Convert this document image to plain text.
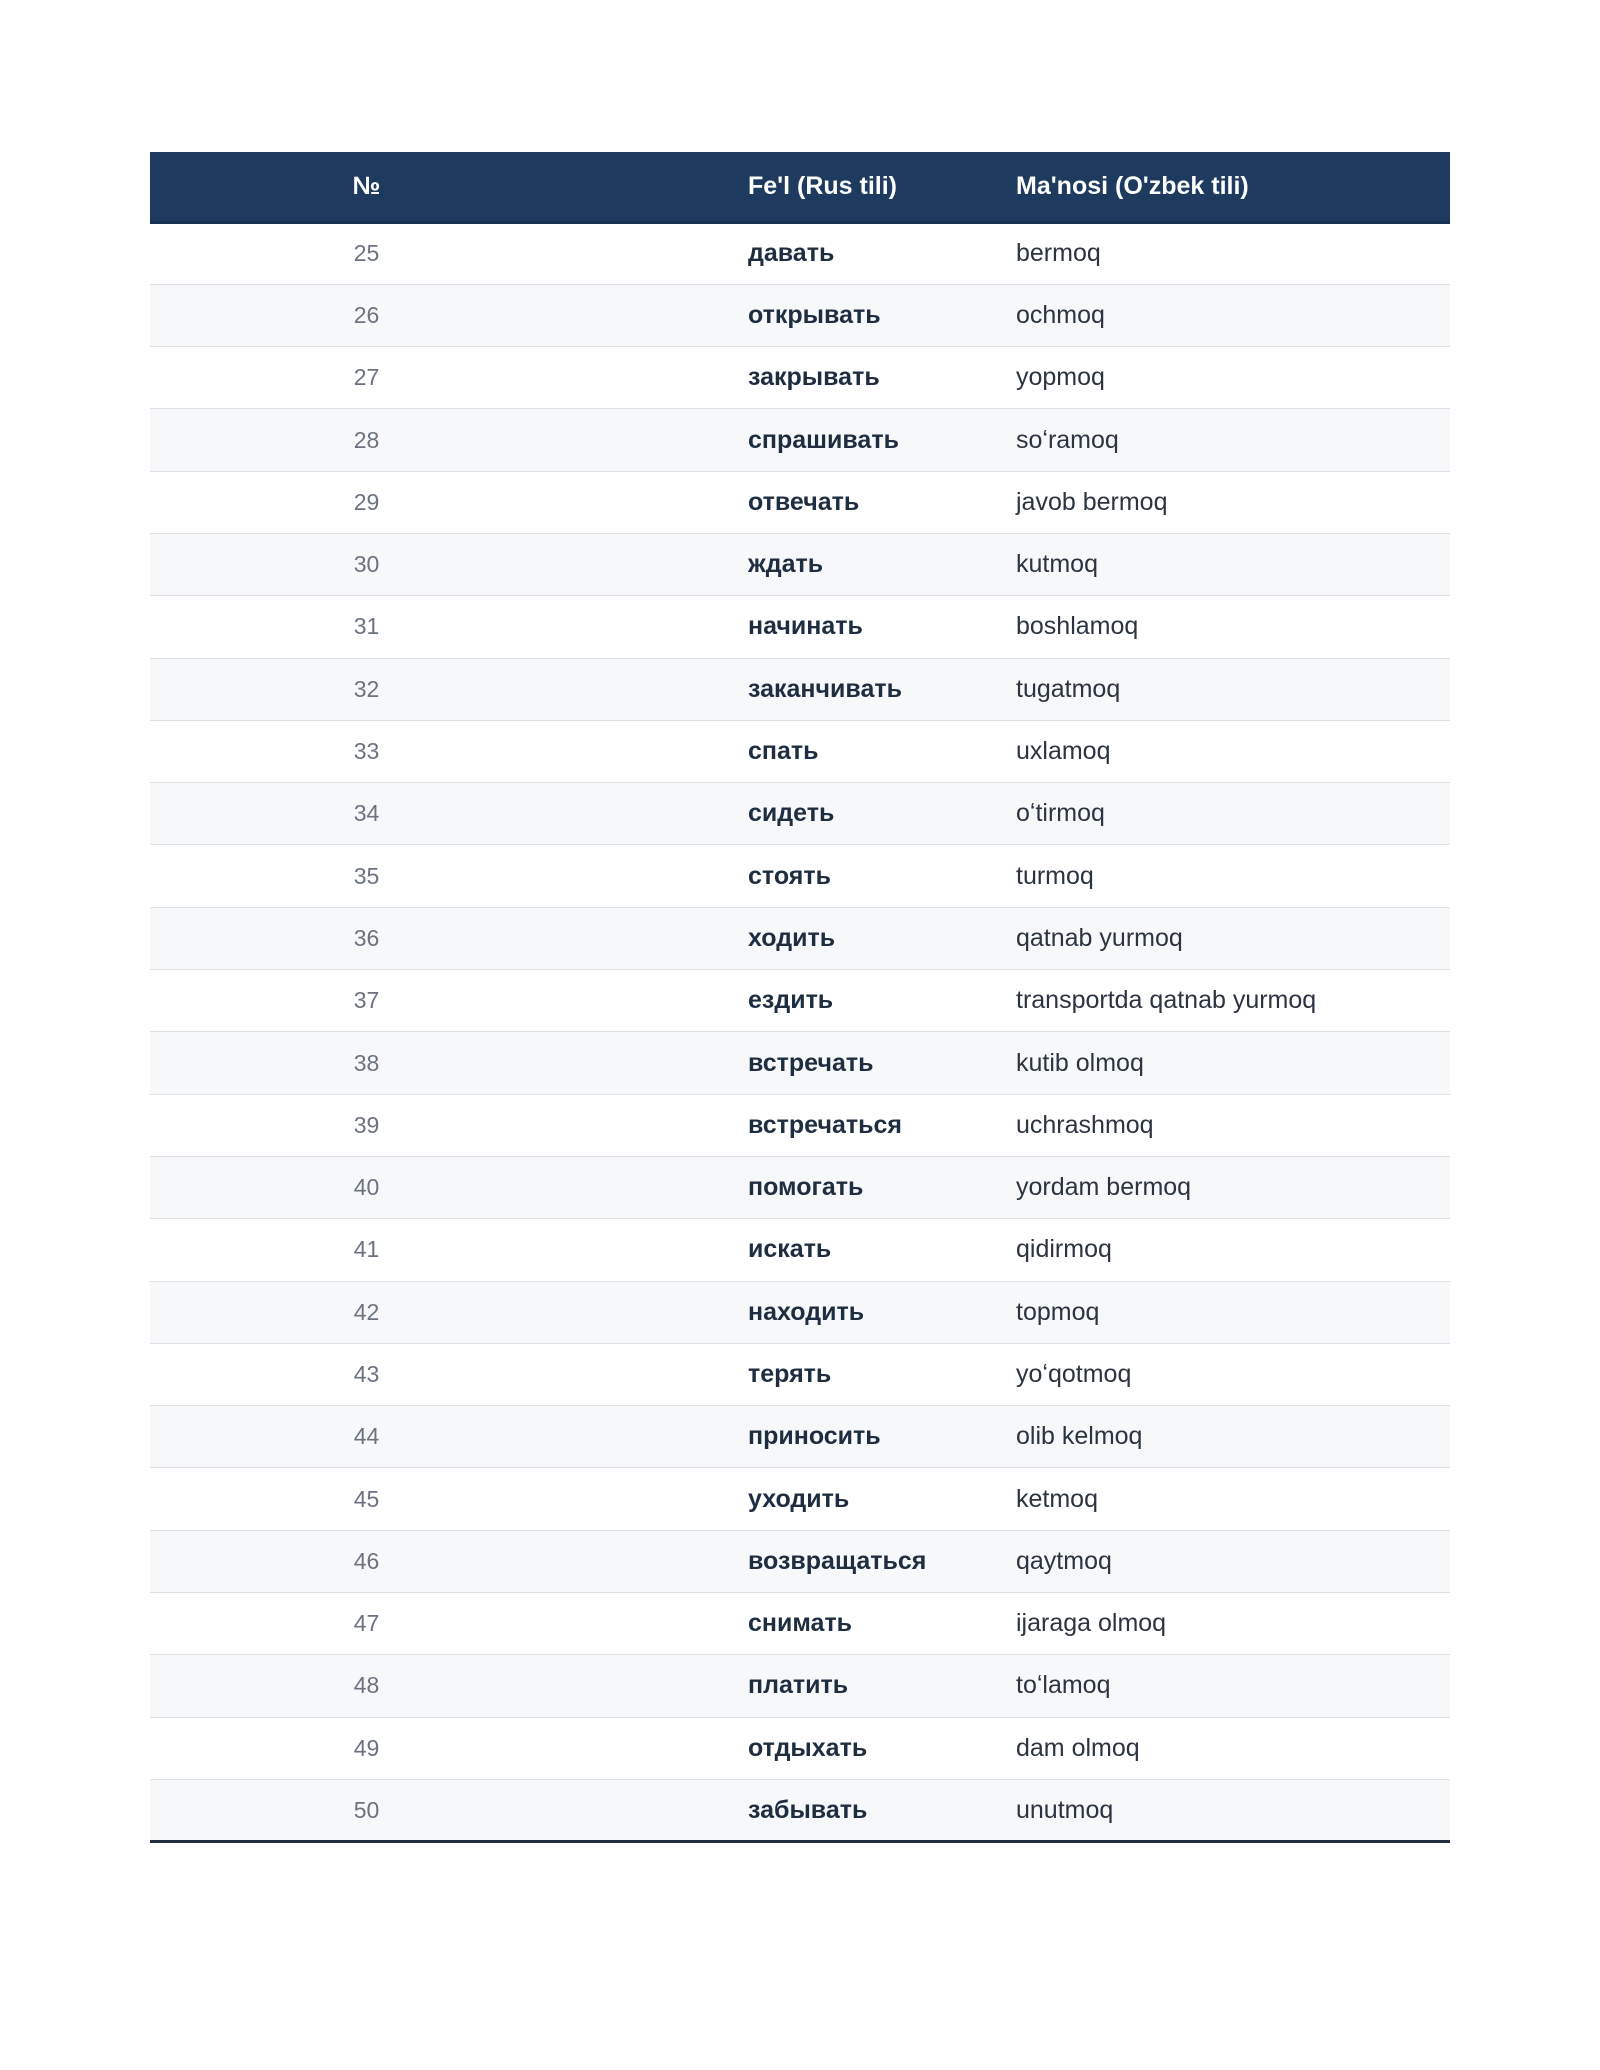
№	Fe'l (Rus tili)	Ma'nosi (O'zbek tili)
25	давать	bermoq
26	открывать	ochmoq
27	закрывать	yopmoq
28	спрашивать	soʻramoq
29	отвечать	javob bermoq
30	ждать	kutmoq
31	начинать	boshlamoq
32	заканчивать	tugatmoq
33	спать	uxlamoq
34	сидеть	oʻtirmoq
35	стоять	turmoq
36	ходить	qatnab yurmoq
37	ездить	transportda qatnab yurmoq
38	встречать	kutib olmoq
39	встречаться	uchrashmoq
40	помогать	yordam bermoq
41	искать	qidirmoq
42	находить	topmoq
43	терять	yoʻqotmoq
44	приносить	olib kelmoq
45	уходить	ketmoq
46	возвращаться	qaytmoq
47	снимать	ijaraga olmoq
48	платить	toʻlamoq
49	отдыхать	dam olmoq
50	забывать	unutmoq
